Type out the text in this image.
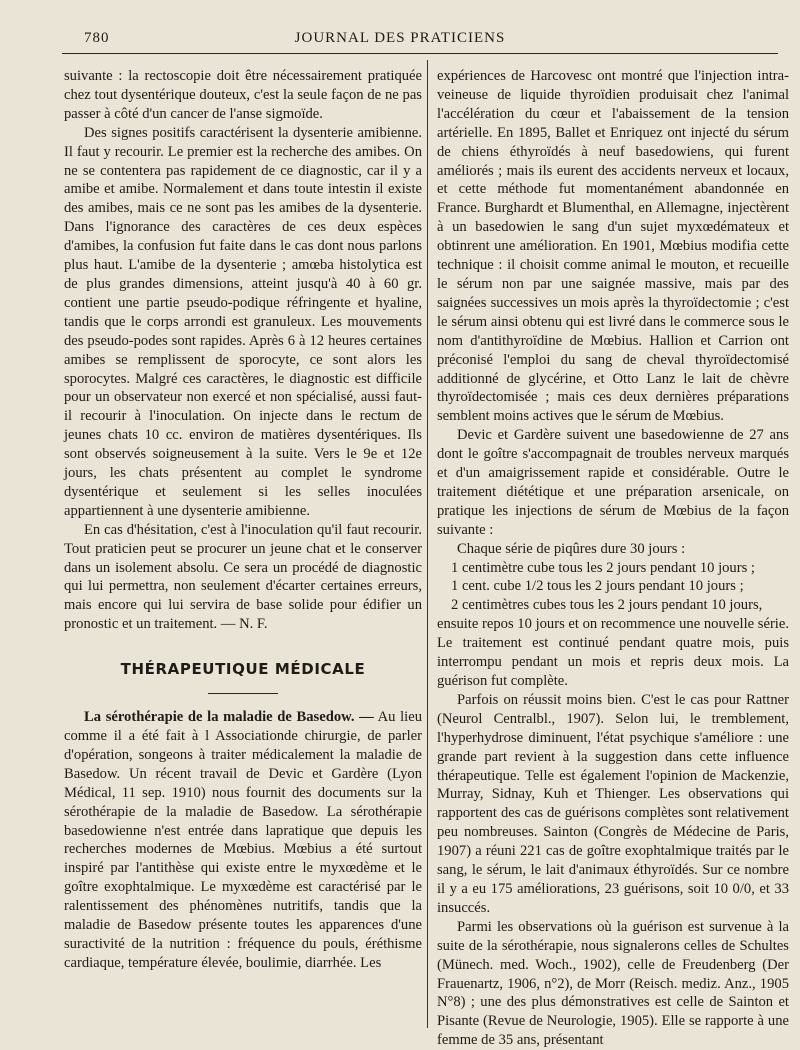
780	JOURNAL DES PRATICIENS

suivante : la rectoscopie doit être nécessairement pratiquée chez tout dysentérique douteux, c'est la seule façon de ne pas passer à côté d'un cancer de l'anse sigmoïde.

Des signes positifs caractérisent la dysenterie amibienne. Il faut y recourir. Le premier est la recherche des amibes. On ne se contentera pas rapidement de ce diagnostic, car il y a amibe et amibe. Normalement et dans toute intestin il existe des amibes, mais ce ne sont pas les amibes de la dysenterie. Dans l'ignorance des caractères de ces deux espèces d'amibes, la confusion fut faite dans le cas dont nous parlons plus haut. L'amibe de la dysenterie ; amœba histolytica est de plus grandes dimensions, atteint jusqu'à 40 à 60 gr. contient une partie pseudo-podique réfringente et hyaline, tandis que le corps arrondi est granuleux. Les mouvements des pseudo-podes sont rapides. Après 6 à 12 heures certaines amibes se remplissent de sporocyte, ce sont alors les sporocytes. Malgré ces caractères, le diagnostic est difficile pour un observateur non exercé et non spécialisé, aussi faut-il recourir à l'inoculation. On injecte dans le rectum de jeunes chats 10 cc. environ de matières dysentériques. Ils sont observés soigneusement à la suite. Vers le 9e et 12e jours, les chats présentent au complet le syndrome dysentérique et seulement si les selles inoculées appartiennent à une dysenterie amibienne.

En cas d'hésitation, c'est à l'inoculation qu'il faut recourir. Tout praticien peut se procurer un jeune chat et le conserver dans un isolement absolu. Ce sera un procédé de diagnostic qui lui permettra, non seulement d'écarter certaines erreurs, mais encore qui lui servira de base solide pour édifier un pronostic et un traitement. — N. F.

THÉRAPEUTIQUE MÉDICALE

La sérothérapie de la maladie de Basedow. — Au lieu comme il a été fait à l Associationde chirurgie, de parler d'opération, songeons à traiter médicalement la maladie de Basedow. Un récent travail de Devic et Gardère (Lyon Médical, 11 sep. 1910) nous fournit des documents sur la sérothérapie de la maladie de Basedow. La sérothérapie basedowienne n'est entrée dans lapratique que depuis les recherches modernes de Mœbius. Mœbius a été surtout inspiré par l'antithèse qui existe entre le myxœdème et le goître exophtalmique. Le myxœdème est caractérisé par le ralentissement des phénomènes nutritifs, tandis que la maladie de Basedow présente toutes les apparences d'une suractivité de la nutrition : fréquence du pouls, éréthisme cardiaque, température élevée, boulimie, diarrhée. Les

expériences de Harcovesc ont montré que l'injection intra-veineuse de liquide thyroïdien produisait chez l'animal l'accélération du cœur et l'abaissement de la tension artérielle. En 1895, Ballet et Enriquez ont injecté du sérum de chiens éthyroïdés à neuf basedowiens, qui furent améliorés ; mais ils eurent des accidents nerveux et locaux, et cette méthode fut momentanément abandonnée en France. Burghardt et Blumenthal, en Allemagne, injectèrent à un basedowien le sang d'un sujet myxœdémateux et obtinrent une amélioration. En 1901, Mœbius modifia cette technique : il choisit comme animal le mouton, et recueille le sérum non par une saignée massive, mais par des saignées successives un mois après la thyroïdectomie ; c'est le sérum ainsi obtenu qui est livré dans le commerce sous le nom d'antithyroïdine de Mœbius. Hallion et Carrion ont préconisé l'emploi du sang de cheval thyroïdectomisé additionné de glycérine, et Otto Lanz le lait de chèvre thyroïdectomisée ; mais ces deux dernières préparations semblent moins actives que le sérum de Mœbius.

Devic et Gardère suivent une basedowienne de 27 ans dont le goître s'accompagnait de troubles nerveux marqués et d'un amaigrissement rapide et considérable. Outre le traitement diététique et une préparation arsenicale, on pratique les injections de sérum de Mœbius de la façon suivante :

Chaque série de piqûres dure 30 jours :

1 centimètre cube tous les 2 jours pendant 10 jours ;

1 cent. cube 1/2 tous les 2 jours pendant 10 jours ;

2 centimètres cubes tous les 2 jours pendant 10 jours,

ensuite repos 10 jours et on recommence une nouvelle série. Le traitement est continué pendant quatre mois, puis interrompu pendant un mois et repris deux mois. La guérison fut complète.

Parfois on réussit moins bien. C'est le cas pour Rattner (Neurol Centralbl., 1907). Selon lui, le tremblement, l'hyperhydrose diminuent, l'état psychique s'améliore : une grande part revient à la suggestion dans cette influence thérapeutique. Telle est également l'opinion de Mackenzie, Murray, Sidnay, Kuh et Thienger. Les observations qui rapportent des cas de guérisons complètes sont relativement peu nombreuses. Sainton (Congrès de Médecine de Paris, 1907) a réuni 221 cas de goître exophtalmique traités par le sang, le sérum, le lait d'animaux éthyroïdés. Sur ce nombre il y a eu 175 améliorations, 23 guérisons, soit 10 0/0, et 33 insuccés.

Parmi les observations où la guérison est survenue à la suite de la sérothérapie, nous signalerons celles de Schultes (Münech. med. Woch., 1902), celle de Freudenberg (Der Frauenartz, 1906, n°2), de Morr (Reisch. mediz. Anz., 1905 N°8) ; une des plus démonstratives est celle de Sainton et Pisante (Revue de Neurologie, 1905). Elle se rapporte à une femme de 35 ans, présentant
